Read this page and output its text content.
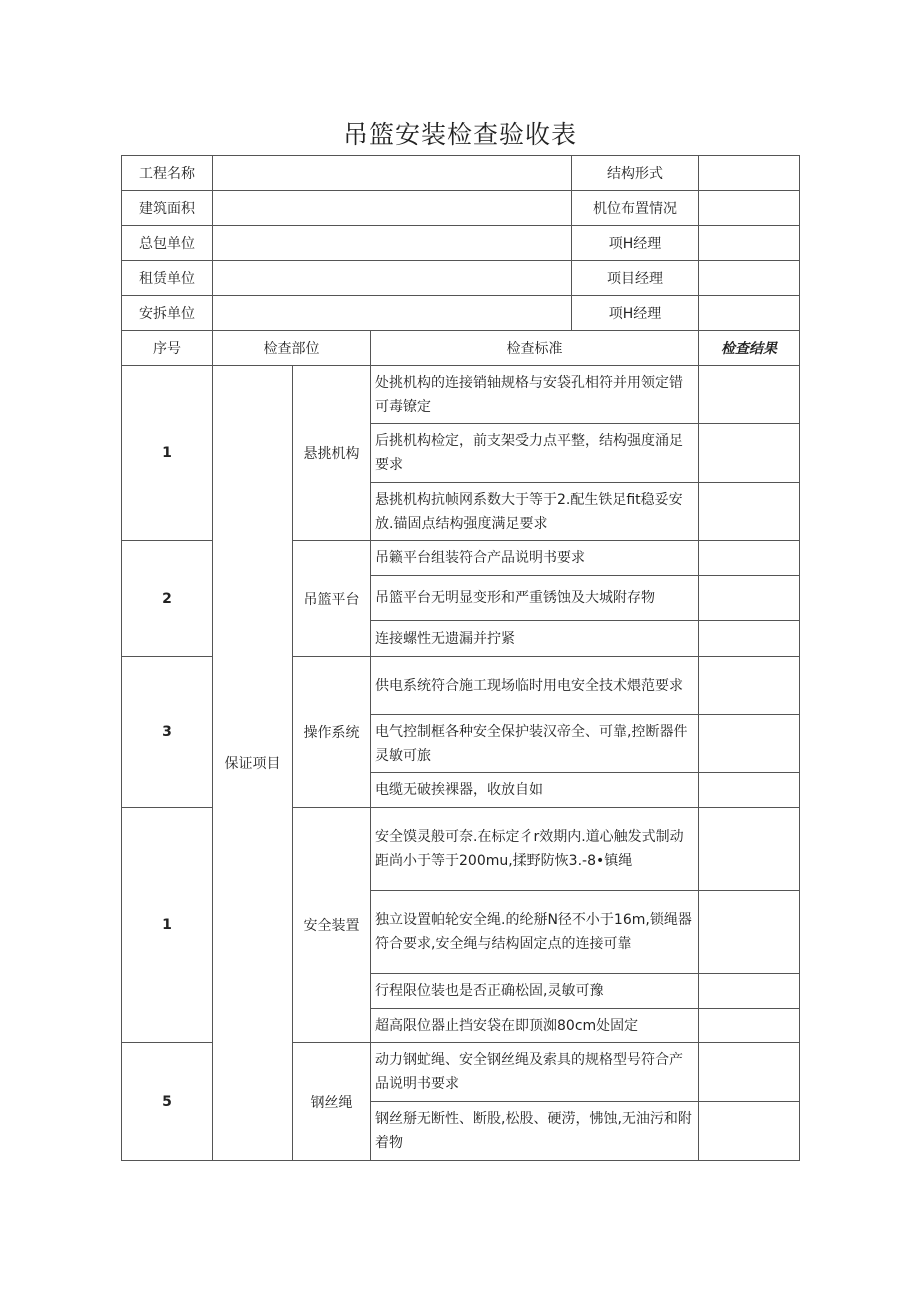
吊篮安装检查验收表
工程名称				结构形式	
建筑面积				机位布置情况	
总包单位				项H经理	
租赁单位				项目经理	
安拆单位				项H经理	
序号	检查部位		检查标准		检查结果
1	保证项目	悬挑机构	处挑机构的连接销轴规格与安袋孔相符并用领定错可毒镣定		
			后挑机构检定，前支架受力点平整，结构强度涌足要求		
			悬挑机构抗帧网系数大于等于2.配生铁足fit稳妥安放.锚固点结构强度满足要求		
2		吊篮平台	吊籁平台组装符合产品说明书要求		
			吊篮平台无明显变形和严重锈蚀及大城附存物		
			连接螺性无遗漏并拧紧		
3		操作系统	供电系统符合施工现场临时用电安全技术煨范要求		
			电气控制框各种安全保护装汉帝全、可靠,控断器件灵敏可旅		
			电缆无破挨裸器，收放自如		
1		安全装置	安全馍灵般可奈.在标定彳r效期内.道心触发式制动距尚小于等于200mu,揉野防恢3.-8•镇绳		
			独立设置帕轮安全绳.的纶掰N径不小于16m,锁绳器符合要求,安全绳与结构固定点的连接可靠		
			行程限位装也是否正确松固,灵敏可豫		
			超高限位器止挡安袋在即顶洳80cm处固定		
5		钢丝绳	动力钢虻绳、安全钢丝绳及索具的规格型号符合产品说明书要求		
			钢丝掰无断性、断股,松股、硬涝，怫蚀,无油污和附着物		
